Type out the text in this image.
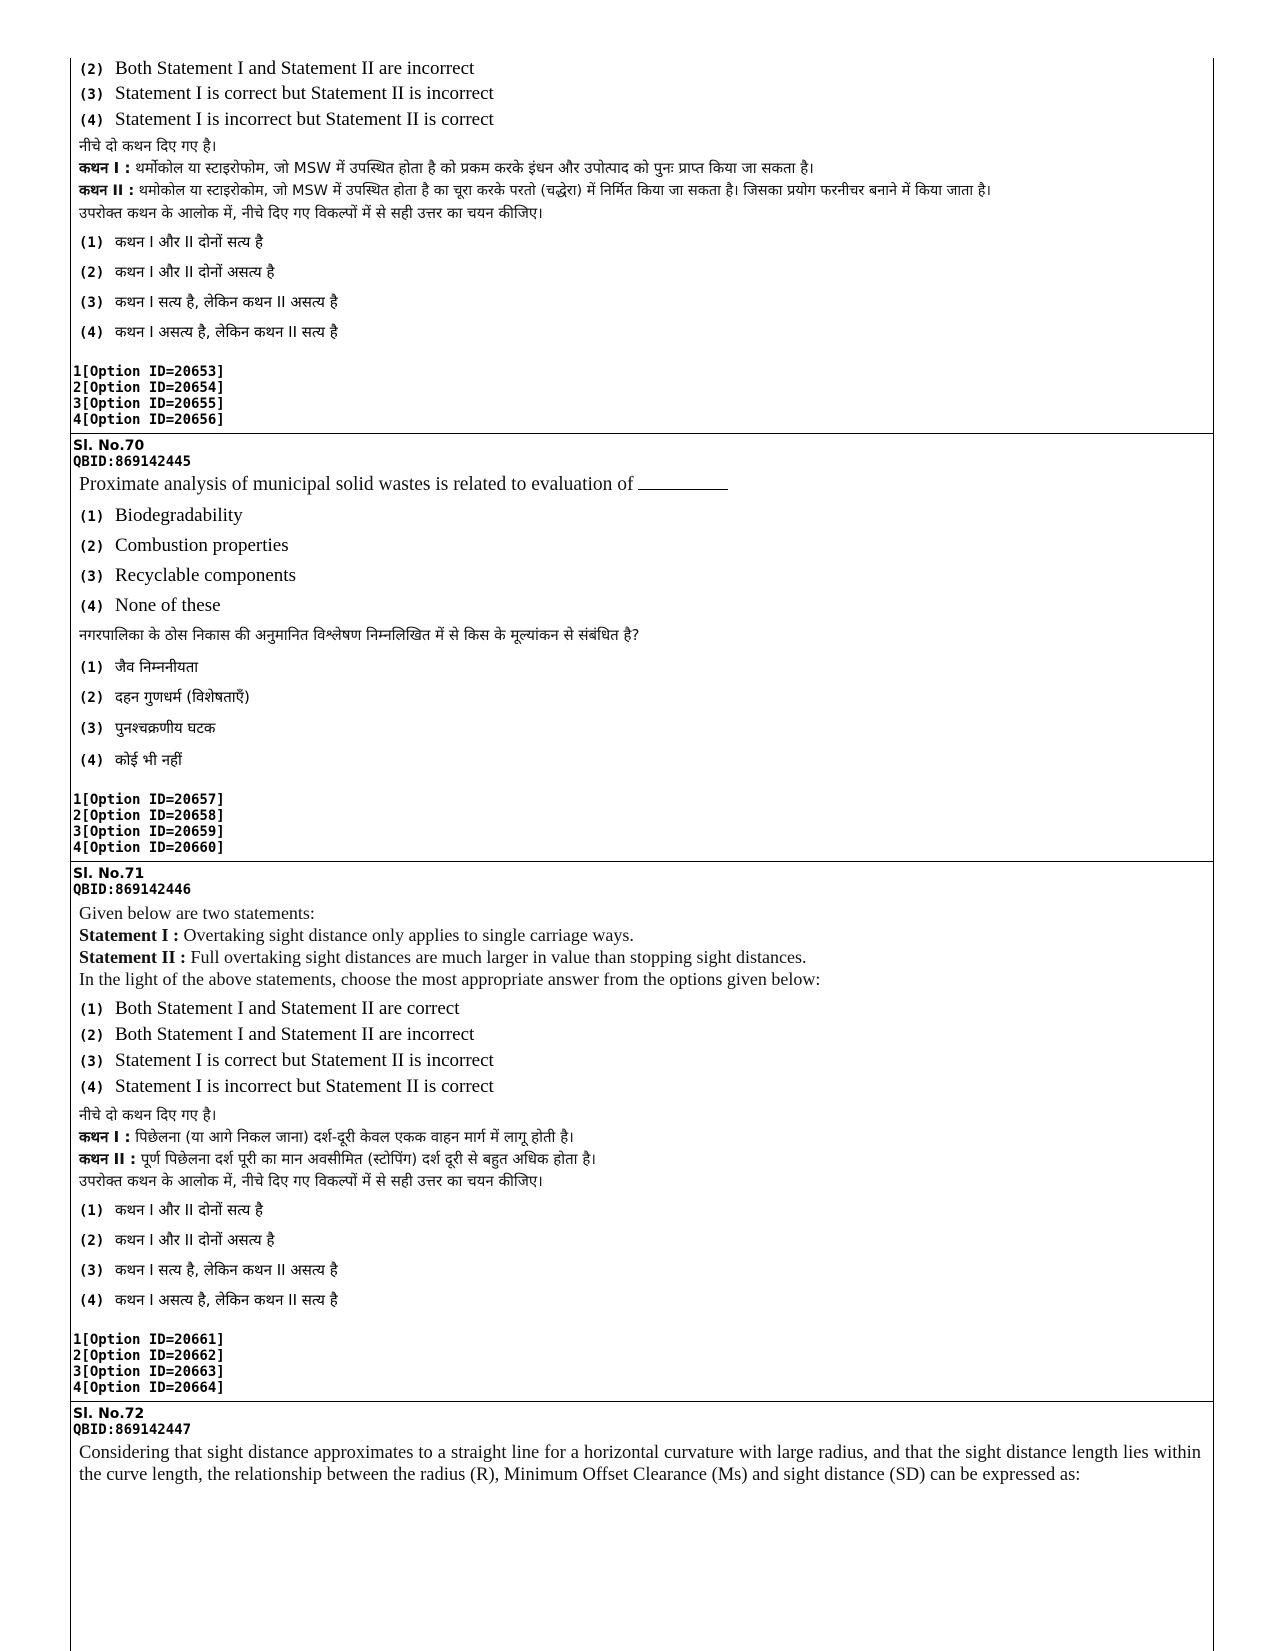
(2) Both Statement I and Statement II are incorrect
(3) Statement I is correct but Statement II is incorrect
(4) Statement I is incorrect but Statement II is correct
नीचे दो कथन दिए गए है।
कथन I : थर्मोकोल या स्टाइरोफोम, जो MSW में उपस्थित होता है को प्रकम करके इंधन और उपोत्पाद को पुनः प्राप्त किया जा सकता है।
कथन II : थमोकोल या स्टाइरोकोम, जो MSW में उपस्थित होता है का चूरा करके परतो (चद्धेरा) में निर्मित किया जा सकता है। जिसका प्रयोग फरनीचर बनाने में किया जाता है।
उपरोक्त कथन के आलोक में, नीचे दिए गए विकल्पों में से सही उत्तर का चयन कीजिए।
(1) कथन I और II दोनों सत्य है
(2) कथन I और II दोनों असत्य है
(3) कथन I सत्य है, लेकिन कथन II असत्य है
(4) कथन I असत्य है, लेकिन कथन II सत्य है
1[Option ID=20653]
2[Option ID=20654]
3[Option ID=20655]
4[Option ID=20656]
Sl. No.70
QBID:869142445
Proximate analysis of municipal solid wastes is related to evaluation of
(1) Biodegradability
(2) Combustion properties
(3) Recyclable components
(4) None of these
नगरपालिका के ठोस निकास की अनुमानित विश्लेषण निम्नलिखित में से किस के मूल्यांकन से संबंधित है?
(1) जैव निम्ननीयता
(2) दहन गुणधर्म (विशेषताएँ)
(3) पुनश्चक्रणीय घटक
(4) कोई भी नहीं
1[Option ID=20657]
2[Option ID=20658]
3[Option ID=20659]
4[Option ID=20660]
Sl. No.71
QBID:869142446
Given below are two statements:
Statement I : Overtaking sight distance only applies to single carriage ways.
Statement II : Full overtaking sight distances are much larger in value than stopping sight distances.
In the light of the above statements, choose the most appropriate answer from the options given below:
(1) Both Statement I and Statement II are correct
(2) Both Statement I and Statement II are incorrect
(3) Statement I is correct but Statement II is incorrect
(4) Statement I is incorrect but Statement II is correct
नीचे दो कथन दिए गए है।
कथन I : पिछेलना (या आगे निकल जाना) दर्श-दूरी केवल एकक वाहन मार्ग में लागू होती है।
कथन II : पूर्ण पिछेलना दर्श पूरी का मान अवसीमित (स्टोपिंग) दर्श दूरी से बहुत अधिक होता है।
उपरोक्त कथन के आलोक में, नीचे दिए गए विकल्पों में से सही उत्तर का चयन कीजिए।
(1) कथन I और II दोनों सत्य है
(2) कथन I और II दोनों असत्य है
(3) कथन I सत्य है, लेकिन कथन II असत्य है
(4) कथन I असत्य है, लेकिन कथन II सत्य है
1[Option ID=20661]
2[Option ID=20662]
3[Option ID=20663]
4[Option ID=20664]
Sl. No.72
QBID:869142447
Considering that sight distance approximates to a straight line for a horizontal curvature with large radius, and that the sight distance length lies within the curve length, the relationship between the radius (R), Minimum Offset Clearance (Ms) and sight distance (SD) can be expressed as:
